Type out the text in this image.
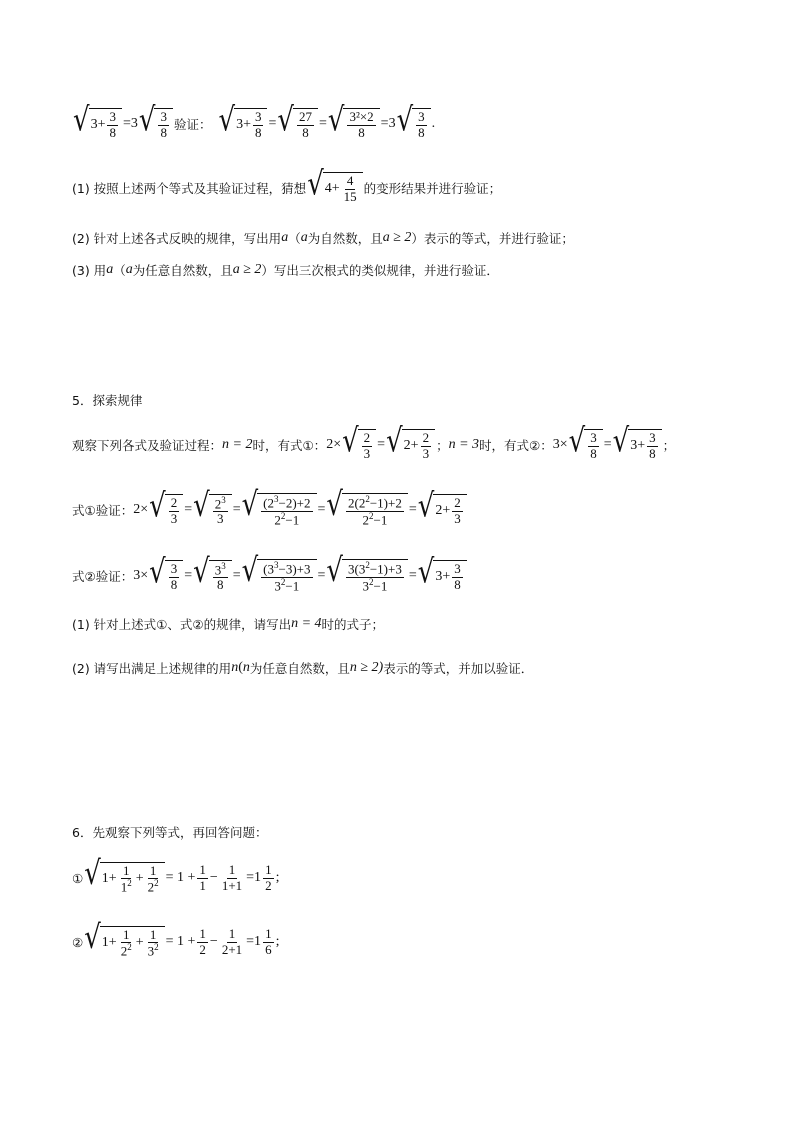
√ $3+ \frac{3}{8} =3$ √ $\frac{3}{8}$ 验证： √ $3+ \frac{3}{8}$ = √ $\frac{27}{8}$ = √ $\frac{\text{3²×2}}{8} =3$ √ $\frac{3}{8}$ .
(1) 按照上述两个等式及其验证过程，猜想 √ $4 + \frac{4}{15}$ 的变形结果并进行验证；
(2) 针对上述各式反映的规律，写出用 a （ a 为自然数，且 a ≥ 2 ）表示的等式，并进行验证；
(3) 用 a （ a 为任意自然数，且 a ≥ 2 ）写出三次根式的类似规律，并进行验证．
5．探索规律
观察下列各式及验证过程： n = 2 时，有式①： 2× √ $\frac{2}{3}$ = √ $2+ \frac{2}{3}$ ； n = 3 时，有式②： 3× √ $\frac{3}{8}$ = √ $3+ \frac{3}{8}$ ；
式①验证： 2× √ $\frac{2}{3}$ = √ $\frac{2^3}{3}$ = √ $\frac{(2^3-2)+2}{2^2-1}$ = √ $\frac{2(2^2-1)+2}{2^2-1}$ = √ $2+ \frac{2}{3}$
式②验证： 3× √ $\frac{3}{8}$ = √ $\frac{3^3}{8}$ = √ $\frac{(3^3-3)+3}{3^2-1}$ = √ $\frac{3(3^2-1)+3}{3^2-1}$ = √ $3+ \frac{3}{8}$
(1) 针对上述式①、式②的规律，请写出 n = 4 时的式子；
(2) 请写出满足上述规律的用 n ( n 为任意自然数，且 n ≥ 2) 表示的等式，并加以验证．
6．先观察下列等式，再回答问题：
① √ $1+ \frac{1}{1^2} + \frac{1}{2^2} = 1 + \frac{1}{1} - \frac{1}{1+1} =1 \frac{1}{2}$ ;
② √ $1+ \frac{1}{2^2} + \frac{1}{3^2} = 1 + \frac{1}{2} - \frac{1}{2+1} =1 \frac{1}{6}$ ;
